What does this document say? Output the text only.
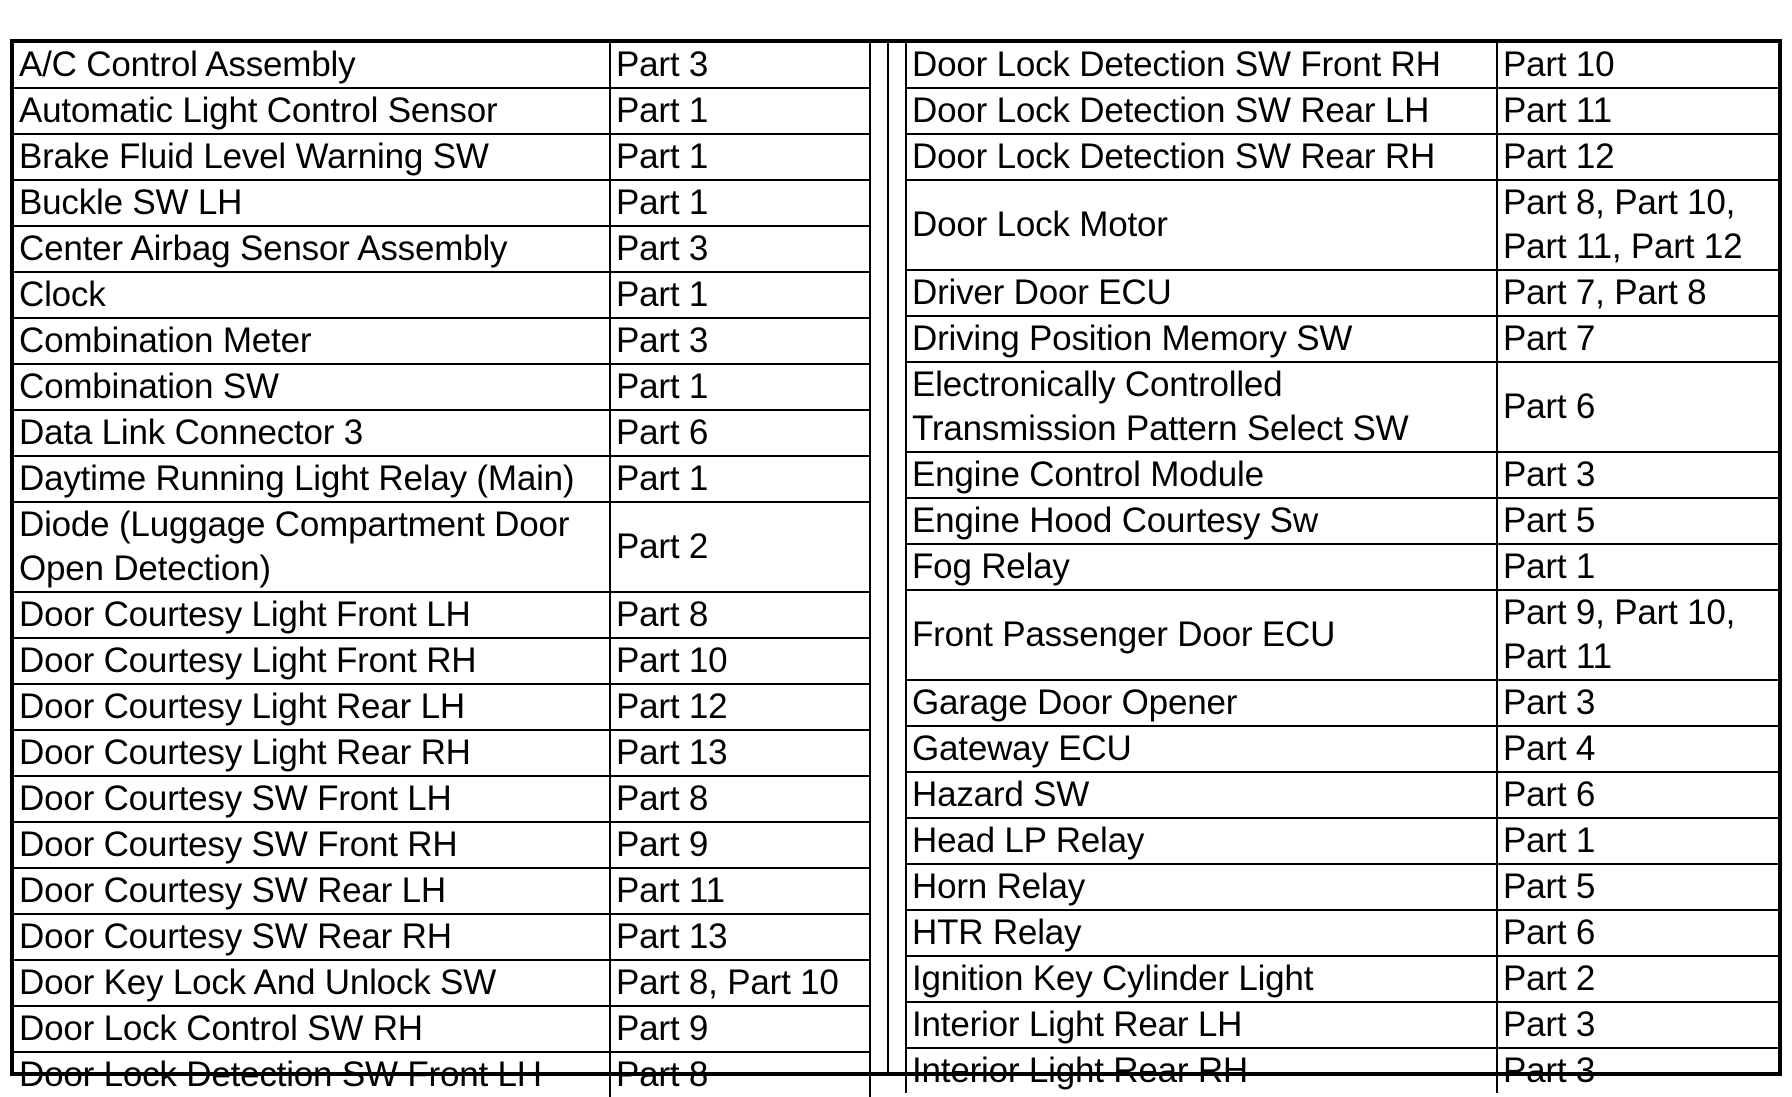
A/C Control Assembly	Part 3
Automatic Light Control Sensor	Part 1
Brake Fluid Level Warning SW	Part 1
Buckle SW LH	Part 1
Center Airbag Sensor Assembly	Part 3
Clock	Part 1
Combination Meter	Part 3
Combination SW	Part 1
Data Link Connector 3	Part 6
Daytime Running Light Relay (Main)	Part 1
Diode (Luggage Compartment Door
Open Detection)	Part 2
Door Courtesy Light Front LH	Part 8
Door Courtesy Light Front RH	Part 10
Door Courtesy Light Rear LH	Part 12
Door Courtesy Light Rear RH	Part 13
Door Courtesy SW Front LH	Part 8
Door Courtesy SW Front RH	Part 9
Door Courtesy SW Rear LH	Part 11
Door Courtesy SW Rear RH	Part 13
Door Key Lock And Unlock SW	Part 8, Part 10
Door Lock Control SW RH	Part 9
Door Lock Detection SW Front LH	Part 8
Door Lock Detection SW Front RH	Part 10
Door Lock Detection SW Rear LH	Part 11
Door Lock Detection SW Rear RH	Part 12
Door Lock Motor	Part 8, Part 10,
Part 11, Part 12
Driver Door ECU	Part 7, Part 8
Driving Position Memory SW	Part 7
Electronically Controlled
Transmission Pattern Select SW	Part 6
Engine Control Module	Part 3
Engine Hood Courtesy Sw	Part 5
Fog Relay	Part 1
Front Passenger Door ECU	Part 9, Part 10,
Part 11
Garage Door Opener	Part 3
Gateway ECU	Part 4
Hazard SW	Part 6
Head LP Relay	Part 1
Horn Relay	Part 5
HTR Relay	Part 6
Ignition Key Cylinder Light	Part 2
Interior Light Rear LH	Part 3
Interior Light Rear RH	Part 3
